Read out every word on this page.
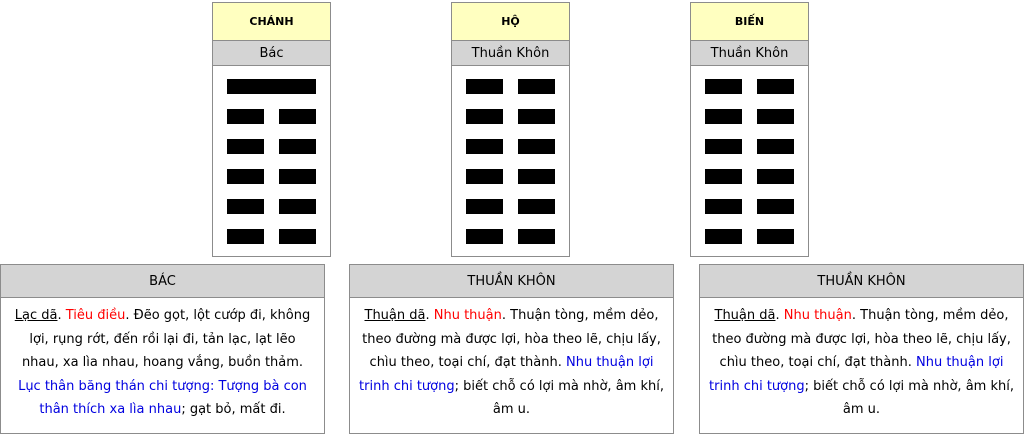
CHÁNH
Bác
HỘ
Thuần Khôn
BIẾN
Thuần Khôn
BÁC
Lạc dã. Tiêu điều. Đẽo gọt, lột cướp đi, không lợi, rụng rớt, đến rồi lại đi, tản lạc, lạt lẽo nhau, xa lìa nhau, hoang vắng, buồn thảm. Lục thân băng thán chi tượng: Tượng bà con thân thích xa lìa nhau; gạt bỏ, mất đi.
THUẦN KHÔN
Thuận dã. Nhu thuận. Thuận tòng, mềm dẻo, theo đường mà được lợi, hòa theo lẽ, chịu lấy, chìu theo, toại chí, đạt thành. Nhu thuận lợi trinh chi tượng; biết chỗ có lợi mà nhờ, âm khí, âm u.
THUẦN KHÔN
Thuận dã. Nhu thuận. Thuận tòng, mềm dẻo, theo đường mà được lợi, hòa theo lẽ, chịu lấy, chìu theo, toại chí, đạt thành. Nhu thuận lợi trinh chi tượng; biết chỗ có lợi mà nhờ, âm khí, âm u.
